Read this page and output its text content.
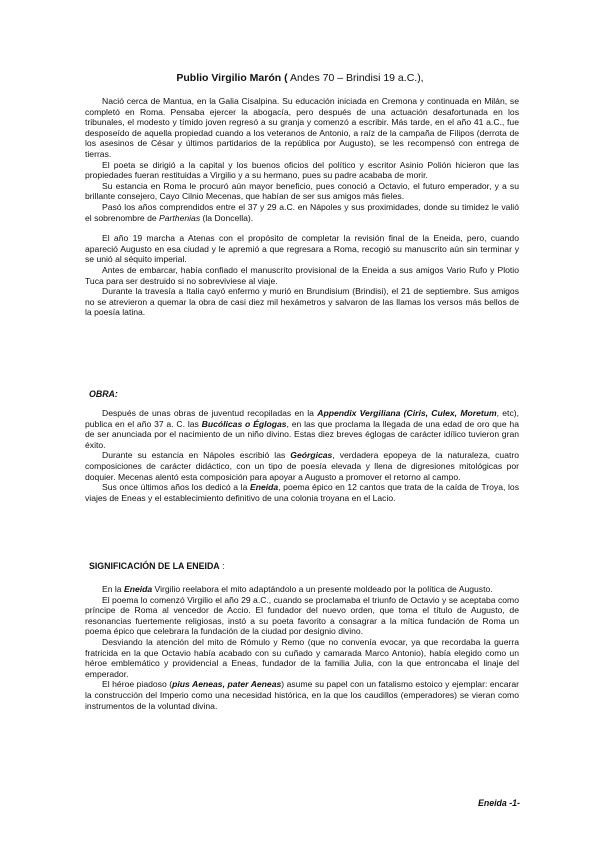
Publio Virgilio Marón ( Andes 70 – Brindisi 19 a.C.),

Nació cerca de Mantua, en la Galia Cisalpina. Su educación iniciada en Cremona y continuada en Milán, se completó en Roma. Pensaba ejercer la abogacía, pero después de una actuación desafortunada en los tribunales, el modesto y tímido joven regresó a su granja y comenzó a escribir. Más tarde, en el año 41 a.C., fue desposeído de aquella propiedad cuando a los veteranos de Antonio, a raíz de la campaña de Filipos (derrota de los asesinos de César y últimos partidarios de la república por Augusto), se les recompensó con entrega de tierras.

El poeta se dirigió a la capital y los buenos oficios del político y escritor Asinio Polión hicieron que las propiedades fueran restituidas a Virgilio y a su hermano, pues su padre acababa de morir.

Su estancia en Roma le procuró aún mayor beneficio, pues conoció a Octavio, el futuro emperador, y a su brillante consejero, Cayo Cilnio Mecenas, que habían de ser sus amigos más fieles.

Pasó los años comprendidos entre el 37 y 29 a.C. en Nápoles y sus proximidades, donde su timidez le valió el sobrenombre de Parthenias (la Doncella).

El año 19 marcha a Atenas con el propósito de completar la revisión final de la Eneida, pero, cuando apareció Augusto en esa ciudad y le apremió a que regresara a Roma, recogió su manuscrito aún sin terminar y se unió al séquito imperial.

Antes de embarcar, había confiado el manuscrito provisional de la Eneida a sus amigos Vario Rufo y Plotio Tuca para ser destruido si no sobreviviese al viaje.

Durante la travesía a Italia cayó enfermo y murió en Brundisium (Brindisi), el 21 de septiembre. Sus amigos no se atrevieron a quemar la obra de casi diez mil hexámetros y salvaron de las llamas los versos más bellos de la poesía latina.

OBRA:

Después de unas obras de juventud recopiladas en la Appendix Vergiliana (Ciris, Culex, Moretum, etc), publica en el año 37 a. C. las Bucólicas o Églogas, en las que proclama la llegada de una edad de oro que ha de ser anunciada por el nacimiento de un niño divino. Estas diez breves églogas de carácter idílico tuvieron gran éxito.

Durante su estancia en Nápoles escribió las Geórgicas, verdadera epopeya de la naturaleza, cuatro composiciones de carácter didáctico, con un tipo de poesía elevada y llena de digresiones mitológicas por doquier. Mecenas alentó esta composición para apoyar a Augusto a promover el retorno al campo.

Sus once últimos años los dedicó a la Eneida, poema épico en 12 cantos que trata de la caída de Troya, los viajes de Eneas y el establecimiento definitivo de una colonia troyana en el Lacio.

SIGNIFICACIÓN DE LA ENEIDA :

En la Eneida Virgilio reelabora el mito adaptándolo a un presente moldeado por la política de Augusto.

El poema lo comenzó Virgilio el año 29 a.C., cuando se proclamaba el triunfo de Octavio y se aceptaba como príncipe de Roma al vencedor de Accio. El fundador del nuevo orden, que toma el título de Augusto, de resonancias fuertemente religiosas, instó a su poeta favorito a consagrar a la mítica fundación de Roma un poema épico que celebrara la fundación de la ciudad por designio divino.

Desviando la atención del mito de Rómulo y Remo (que no convenía evocar, ya que recordaba la guerra fratricida en la que Octavio había acabado con su cuñado y camarada Marco Antonio), había elegido como un héroe emblemático y providencial a Eneas, fundador de la familia Julia, con la que entroncaba el linaje del emperador.

El héroe piadoso (pius Aeneas, pater Aeneas) asume su papel con un fatalismo estoico y ejemplar: encarar la construcción del Imperio como una necesidad histórica, en la que los caudillos (emperadores) se vieran como instrumentos de la voluntad divina.

Eneida -1-
